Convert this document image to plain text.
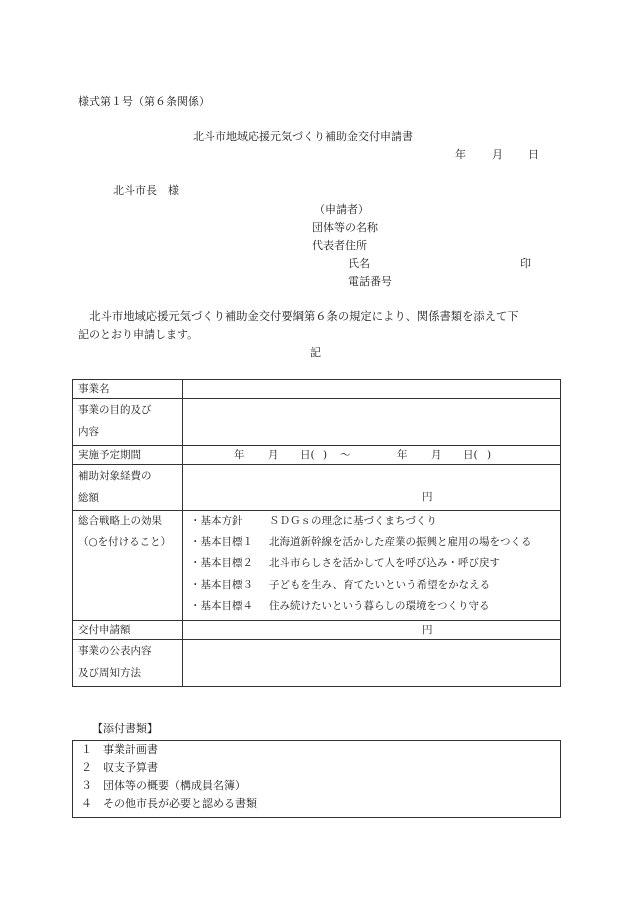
様式第１号（第６条関係）
北斗市地域応援元気づくり補助金交付申請書
年 月 日
北斗市長　様
（申請者）
団体等の名称
代表者住所
氏名	印
電話番号
　北斗市地域応援元気づくり補助金交付要綱第６条の規定により、関係書類を添えて下
記のとおり申請します。
記
事業名
事業の目的及び
内容
実施予定期間	年 月 日( ) ～	年 月 日( )
補助対象経費の
総額	円
総合戦略上の効果
（○を付けること）
・基本方針	ＳＤＧｓの理念に基づくまちづくり
・基本目標１ 北海道新幹線を活かした産業の振興と雇用の場をつくる
・基本目標２ 北斗市らしさを活かして人を呼び込み・呼び戻す
・基本目標３ 子どもを生み、育てたいという希望をかなえる
・基本目標４ 住み続けたいという暮らしの環境をつくり守る
交付申請額	円
事業の公表内容
及び周知方法
【添付書類】
１　事業計画書
２　収支予算書
３　団体等の概要（構成員名簿）
４　その他市長が必要と認める書類
